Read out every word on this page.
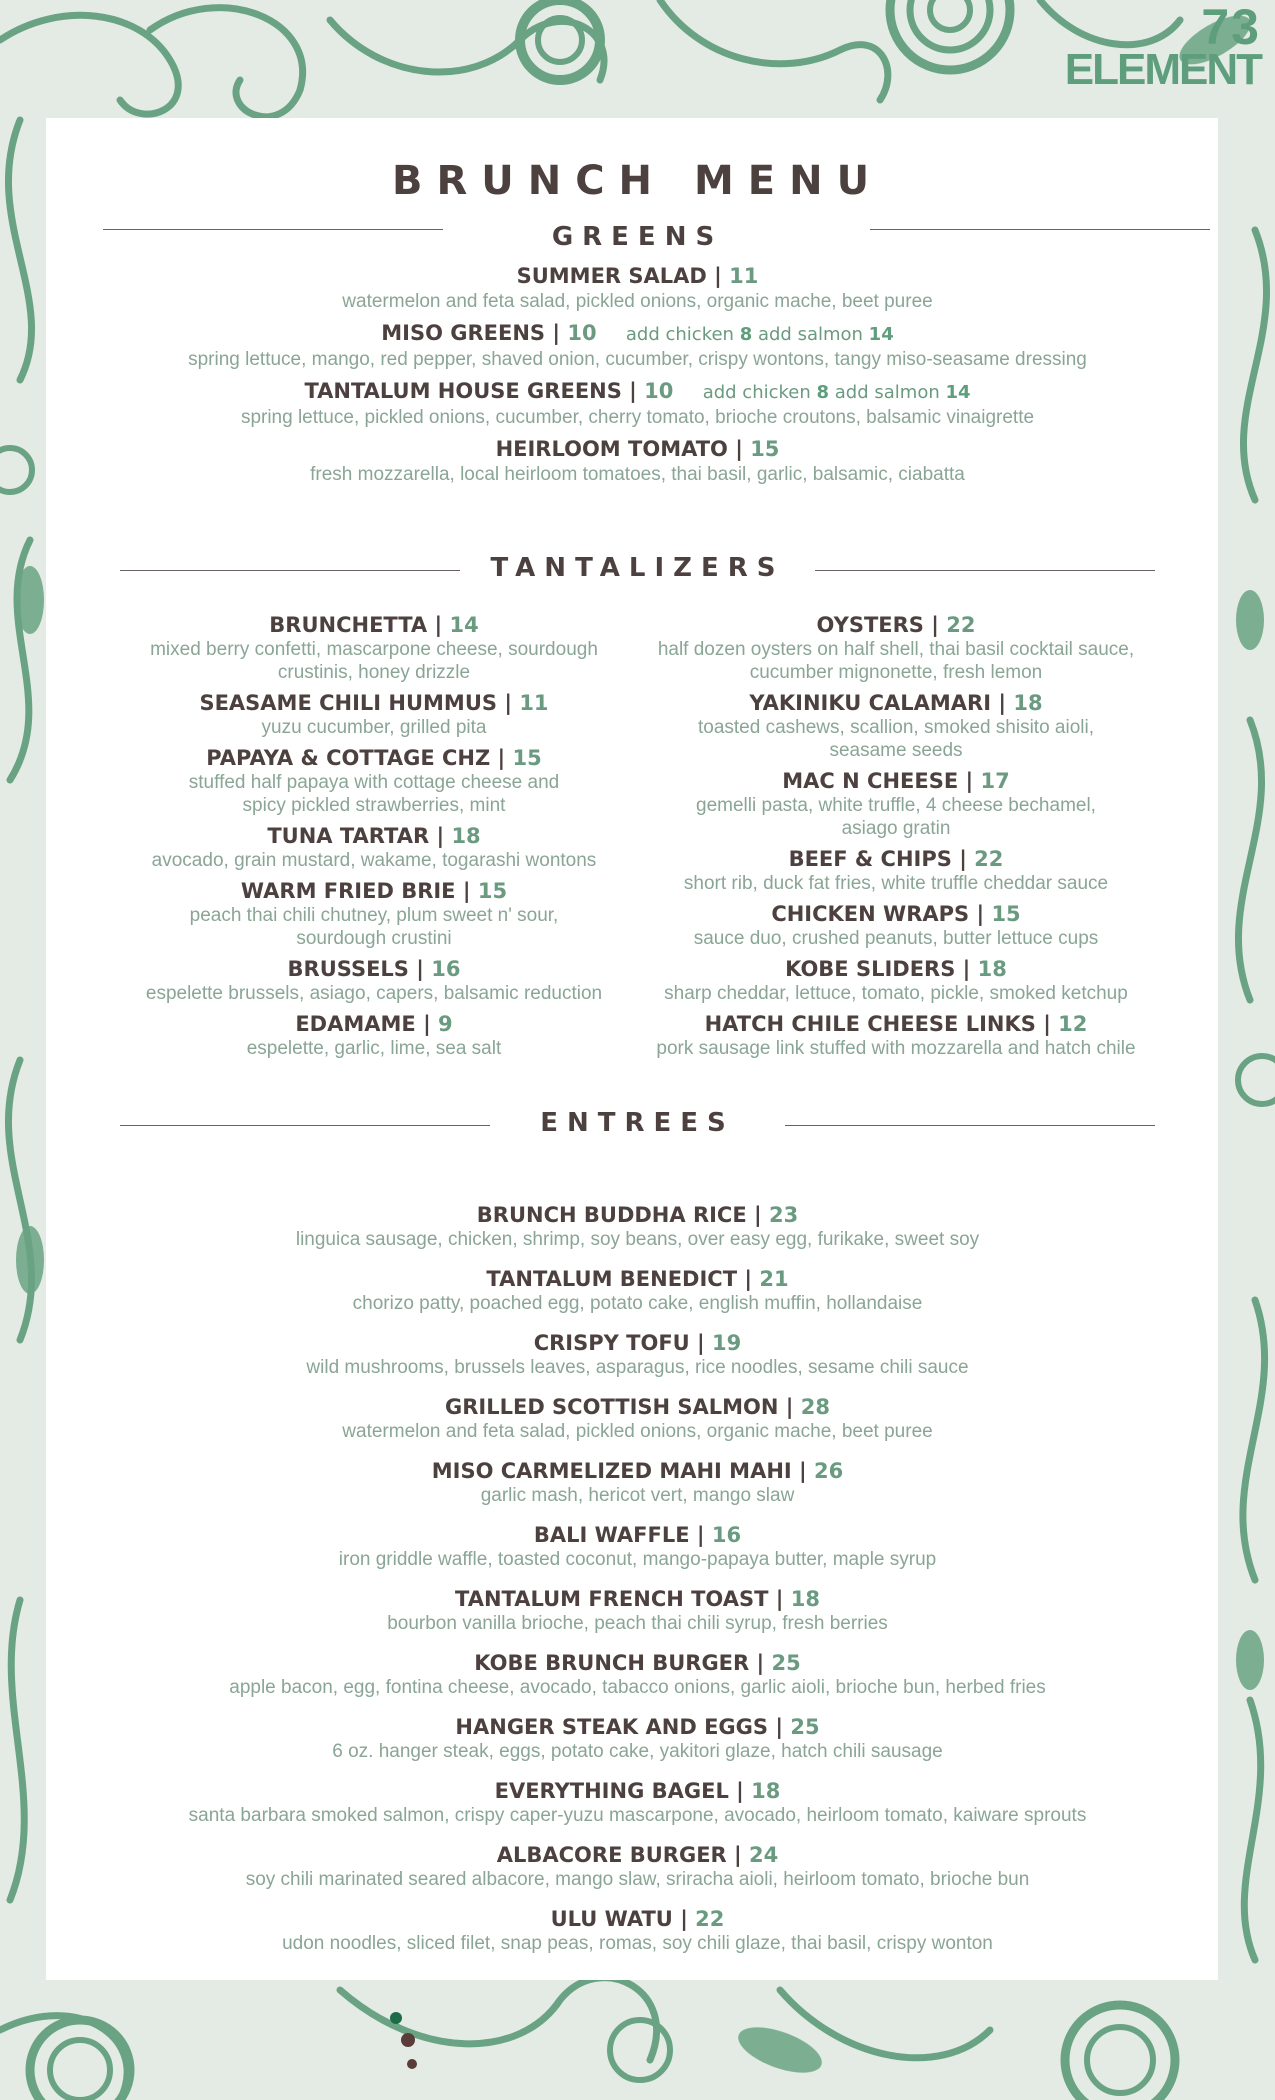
73
ELEMENT
BRUNCH MENU
GREENS
SUMMER SALAD | 11
watermelon and feta salad, pickled onions, organic mache, beet puree
MISO GREENS | 10 add chicken 8 add salmon 14
spring lettuce, mango, red pepper, shaved onion, cucumber, crispy wontons, tangy miso-seasame dressing
TANTALUM HOUSE GREENS | 10 add chicken 8 add salmon 14
spring lettuce, pickled onions, cucumber, cherry tomato, brioche croutons, balsamic vinaigrette
HEIRLOOM TOMATO | 15
fresh mozzarella, local heirloom tomatoes, thai basil, garlic, balsamic, ciabatta
TANTALIZERS
BRUNCHETTA | 14
mixed berry confetti, mascarpone cheese, sourdough
crustinis, honey drizzle
SEASAME CHILI HUMMUS | 11
yuzu cucumber, grilled pita
PAPAYA & COTTAGE CHZ | 15
stuffed half papaya with cottage cheese and
spicy pickled strawberries, mint
TUNA TARTAR | 18
avocado, grain mustard, wakame, togarashi wontons
WARM FRIED BRIE | 15
peach thai chili chutney, plum sweet n' sour,
sourdough crustini
BRUSSELS | 16
espelette brussels, asiago, capers, balsamic reduction
EDAMAME | 9
espelette, garlic, lime, sea salt
OYSTERS | 22
half dozen oysters on half shell, thai basil cocktail sauce,
cucumber mignonette, fresh lemon
YAKINIKU CALAMARI | 18
toasted cashews, scallion, smoked shisito aioli,
seasame seeds
MAC N CHEESE | 17
gemelli pasta, white truffle, 4 cheese bechamel,
asiago gratin
BEEF & CHIPS | 22
short rib, duck fat fries, white truffle cheddar sauce
CHICKEN WRAPS | 15
sauce duo, crushed peanuts, butter lettuce cups
KOBE SLIDERS | 18
sharp cheddar, lettuce, tomato, pickle, smoked ketchup
HATCH CHILE CHEESE LINKS | 12
pork sausage link stuffed with mozzarella and hatch chile
ENTREES
BRUNCH BUDDHA RICE | 23
linguica sausage, chicken, shrimp, soy beans, over easy egg, furikake, sweet soy
TANTALUM BENEDICT | 21
chorizo patty, poached egg, potato cake, english muffin, hollandaise
CRISPY TOFU | 19
wild mushrooms, brussels leaves, asparagus, rice noodles, sesame chili sauce
GRILLED SCOTTISH SALMON | 28
watermelon and feta salad, pickled onions, organic mache, beet puree
MISO CARMELIZED MAHI MAHI | 26
garlic mash, hericot vert, mango slaw
BALI WAFFLE | 16
iron griddle waffle, toasted coconut, mango-papaya butter, maple syrup
TANTALUM FRENCH TOAST | 18
bourbon vanilla brioche, peach thai chili syrup, fresh berries
KOBE BRUNCH BURGER | 25
apple bacon, egg, fontina cheese, avocado, tabacco onions, garlic aioli, brioche bun, herbed fries
HANGER STEAK AND EGGS | 25
6 oz. hanger steak, eggs, potato cake, yakitori glaze, hatch chili sausage
EVERYTHING BAGEL | 18
santa barbara smoked salmon, crispy caper-yuzu mascarpone, avocado, heirloom tomato, kaiware sprouts
ALBACORE BURGER | 24
soy chili marinated seared albacore, mango slaw, sriracha aioli, heirloom tomato, brioche bun
ULU WATU | 22
udon noodles, sliced filet, snap peas, romas, soy chili glaze, thai basil, crispy wonton
